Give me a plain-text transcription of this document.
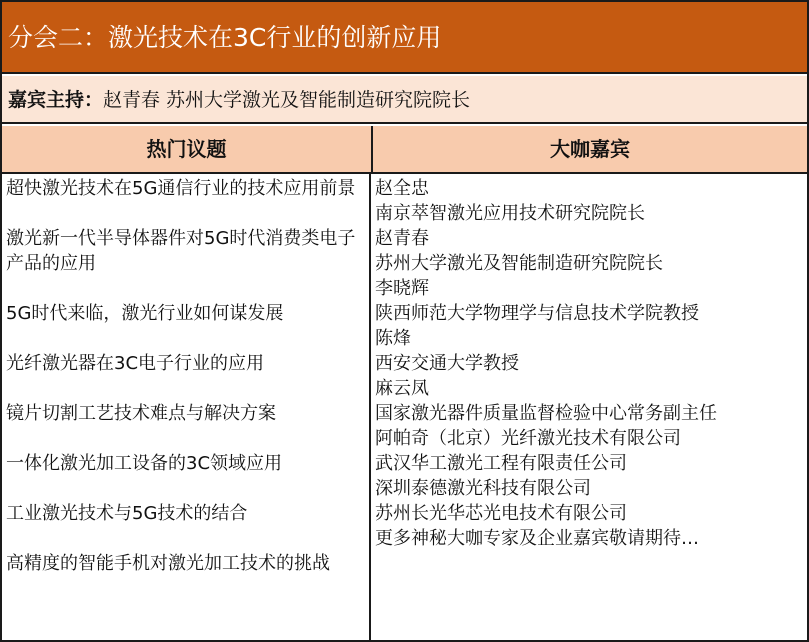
分会二：激光技术在3C行业的创新应用
嘉宾主持：赵青春 苏州大学激光及智能制造研究院院长
热门议题	大咖嘉宾

超快激光技术在5G通信行业的技术应用前景

激光新一代半导体器件对5G时代消费类电子产品的应用

5G时代来临，激光行业如何谋发展

光纤激光器在3C电子行业的应用

镜片切割工艺技术难点与解决方案

一体化激光加工设备的3C领域应用

工业激光技术与5G技术的结合

高精度的智能手机对激光加工技术的挑战

赵全忠

南京萃智激光应用技术研究院院长

赵青春

苏州大学激光及智能制造研究院院长

李晓辉

陕西师范大学物理学与信息技术学院教授

陈烽

西安交通大学教授

麻云凤

国家激光器件质量监督检验中心常务副主任

阿帕奇（北京）光纤激光技术有限公司

武汉华工激光工程有限责任公司

深圳泰德激光科技有限公司

苏州长光华芯光电技术有限公司

更多神秘大咖专家及企业嘉宾敬请期待…
